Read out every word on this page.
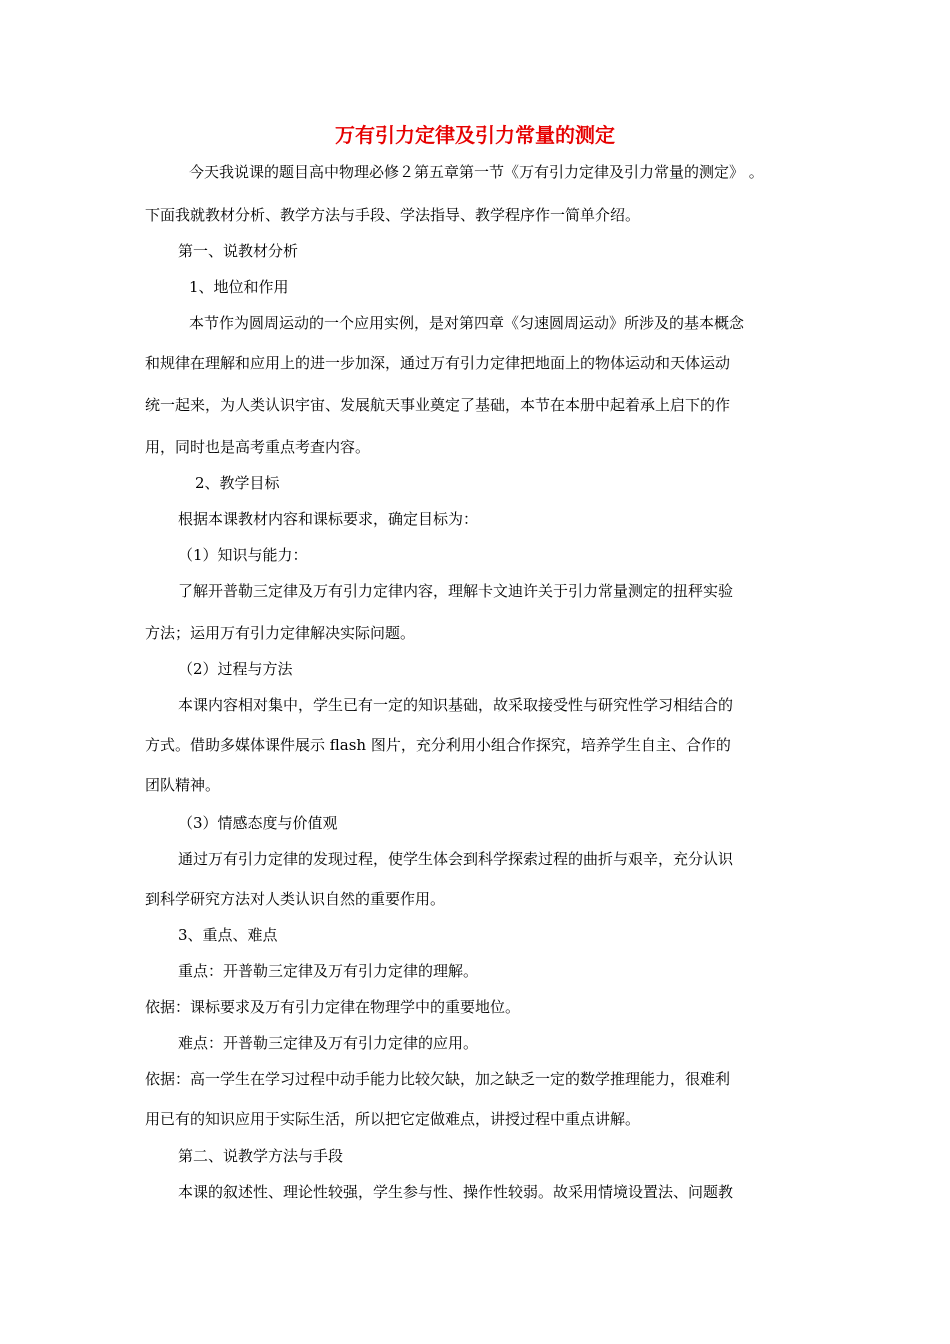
万有引力定律及引力常量的测定
今天我说课的题目高中物理必修２第五章第一节《万有引力定律及引力常量的测定》 。
下面我就教材分析、教学方法与手段、学法指导、教学程序作一简单介绍。
第一、说教材分析
1、地位和作用
本节作为圆周运动的一个应用实例，是对第四章《匀速圆周运动》所涉及的基本概念
和规律在理解和应用上的进一步加深，通过万有引力定律把地面上的物体运动和天体运动
统一起来，为人类认识宇宙、发展航天事业奠定了基础，本节在本册中起着承上启下的作
用，同时也是高考重点考查内容。
2、教学目标
根据本课教材内容和课标要求，确定目标为：
（1）知识与能力：
了解开普勒三定律及万有引力定律内容，理解卡文迪许关于引力常量测定的扭秤实验
方法；运用万有引力定律解决实际问题。
（2）过程与方法
本课内容相对集中，学生已有一定的知识基础，故采取接受性与研究性学习相结合的
方式。借助多媒体课件展示 flash 图片，充分利用小组合作探究，培养学生自主、合作的
团队精神。
（3）情感态度与价值观
通过万有引力定律的发现过程，使学生体会到科学探索过程的曲折与艰辛，充分认识
到科学研究方法对人类认识自然的重要作用。
3、重点、难点
重点：开普勒三定律及万有引力定律的理解。
依据：课标要求及万有引力定律在物理学中的重要地位。
难点：开普勒三定律及万有引力定律的应用。
依据：高一学生在学习过程中动手能力比较欠缺，加之缺乏一定的数学推理能力，很难利
用已有的知识应用于实际生活，所以把它定做难点，讲授过程中重点讲解。
第二、说教学方法与手段
本课的叙述性、理论性较强，学生参与性、操作性较弱。故采用情境设置法、问题教
